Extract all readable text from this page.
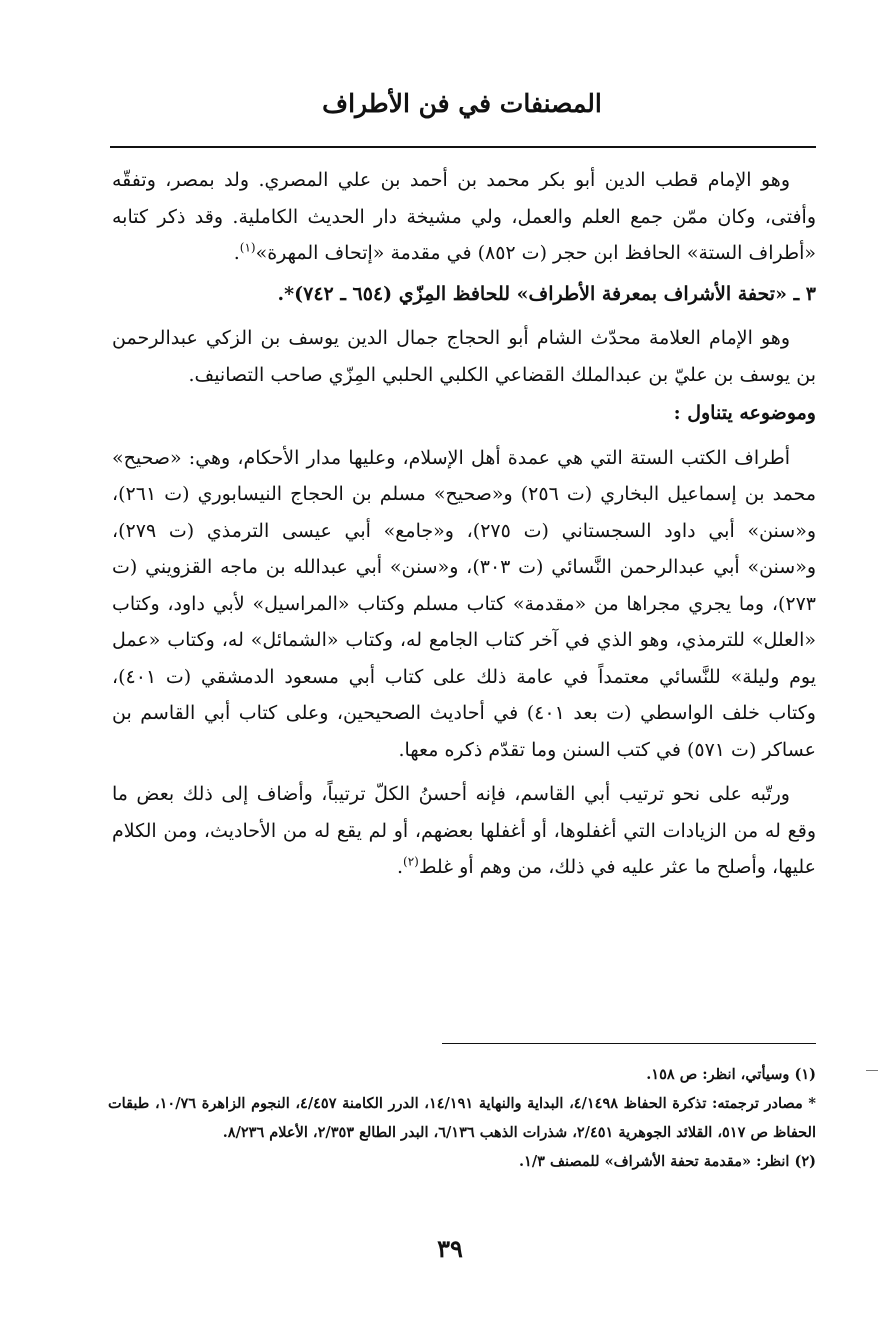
المصنفات في فن الأطراف

وهو الإمام قطب الدين أبو بكر محمد بن أحمد بن علي المصري. ولد بمصر، وتفقّه وأفتى، وكان ممّن جمع العلم والعمل، ولي مشيخة دار الحديث الكاملية. وقد ذكر كتابه «أطراف الستة» الحافظ ابن حجر (ت ٨٥٢) في مقدمة «إتحاف المهرة»$^{(١)}$.

٣ ـ «تحفة الأشراف بمعرفة الأطراف» للحافظ المِزّي (٦٥٤ ـ ٧٤٢)*.

وهو الإمام العلامة محدّث الشام أبو الحجاج جمال الدين يوسف بن الزكي عبدالرحمن بن يوسف بن عليّ بن عبدالملك القضاعي الكلبي الحلبي المِزّي صاحب التصانيف.

وموضوعه يتناول :

أطراف الكتب الستة التي هي عمدة أهل الإسلام، وعليها مدار الأحكام، وهي: «صحيح» محمد بن إسماعيل البخاري (ت ٢٥٦) و«صحيح» مسلم بن الحجاج النيسابوري (ت ٢٦١)، و«سنن» أبي داود السجستاني (ت ٢٧٥)، و«جامع» أبي عيسى الترمذي (ت ٢٧٩)، و«سنن» أبي عبدالرحمن النَّسائي (ت ٣٠٣)، و«سنن» أبي عبدالله بن ماجه القزويني (ت ٢٧٣)، وما يجري مجراها من «مقدمة» كتاب مسلم وكتاب «المراسيل» لأبي داود، وكتاب «العلل» للترمذي، وهو الذي في آخر كتاب الجامع له، وكتاب «الشمائل» له، وكتاب «عمل يوم وليلة» للنَّسائي معتمداً في عامة ذلك على كتاب أبي مسعود الدمشقي (ت ٤٠١)، وكتاب خلف الواسطي (ت بعد ٤٠١) في أحاديث الصحيحين، وعلى كتاب أبي القاسم بن عساكر (ت ٥٧١) في كتب السنن وما تقدّم ذكره معها.

ورتّبه على نحو ترتيب أبي القاسم، فإنه أحسنُ الكلّ ترتيباً، وأضاف إلى ذلك بعض ما وقع له من الزيادات التي أغفلوها، أو أغفلها بعضهم، أو لم يقع له من الأحاديث، ومن الكلام عليها، وأصلح ما عثر عليه في ذلك، من وهم أو غلط$^{(٢)}$.

(١) وسيأتي، انظر: ص ١٥٨.

* مصادر ترجمته: تذكرة الحفاظ ٤/١٤٩٨، البداية والنهاية ١٤/١٩١، الدرر الكامنة ٤/٤٥٧، النجوم الزاهرة ١٠/٧٦، طبقات الحفاظ ص ٥١٧، القلائد الجوهرية ٢/٤٥١، شذرات الذهب ٦/١٣٦، البدر الطالع ٢/٣٥٣، الأعلام ٨/٢٣٦.

(٢) انظر: «مقدمة تحفة الأشراف» للمصنف ١/٣.

٣٩
